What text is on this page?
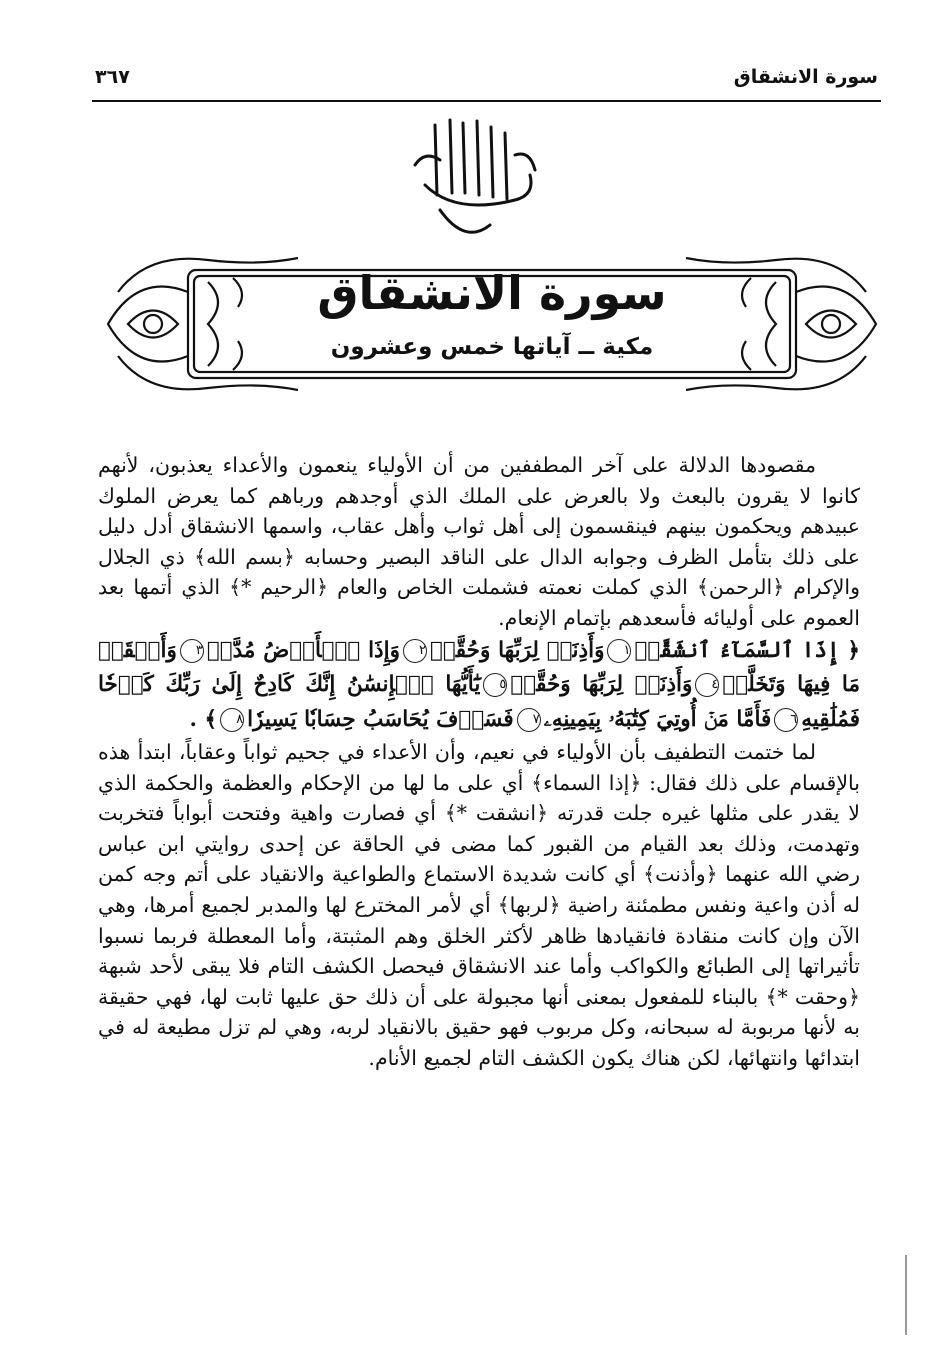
سورة الانشقاق
٣٦٧
سورة الانشقاق
مكية ــ آياتها خمس وعشرون

مقصودها الدلالة على آخر المطففين من أن الأولياء ينعمون والأعداء يعذبون، لأنهم كانوا لا يقرون بالبعث ولا بالعرض على الملك الذي أوجدهم ورباهم كما يعرض الملوك عبيدهم ويحكمون بينهم فينقسمون إلى أهل ثواب وأهل عقاب، واسمها الانشقاق أدل دليل على ذلك بتأمل الظرف وجوابه الدال على الناقد البصير وحسابه ﴿بسم الله﴾ ذي الجلال والإكرام ﴿الرحمن﴾ الذي كملت نعمته فشملت الخاص والعام ﴿الرحيم *﴾ الذي أتمها بعد العموم على أوليائه فأسعدهم بإتمام الإنعام.

﴿ إِذَا ٱلسَّمَآءُ ٱنشَقَّتۡ١وَأَذِنَتۡ لِرَبِّهَا وَحُقَّتۡ٢وَإِذَا ٱلۡأَرۡضُ مُدَّتۡ٣وَأَلۡقَتۡ مَا فِيهَا وَتَخَلَّتۡ٤وَأَذِنَتۡ لِرَبِّهَا وَحُقَّتۡ٥يَٰٓأَيُّهَا ٱلۡإِنسَٰنُ إِنَّكَ كَادِحٌ إِلَىٰ رَبِّكَ كَدۡحٗا فَمُلَٰقِيهِ٦فَأَمَّا مَنۡ أُوتِيَ كِتَٰبَهُۥ بِيَمِينِهِۦ٧فَسَوۡفَ يُحَاسَبُ حِسَابٗا يَسِيرٗا٨﴾ .

لما ختمت التطفيف بأن الأولياء في نعيم، وأن الأعداء في جحيم ثواباً وعقاباً، ابتدأ هذه بالإقسام على ذلك فقال: ﴿إذا السماء﴾ أي على ما لها من الإحكام والعظمة والحكمة الذي لا يقدر على مثلها غيره جلت قدرته ﴿انشقت *﴾ أي فصارت واهية وفتحت أبواباً فتخربت وتهدمت، وذلك بعد القيام من القبور كما مضى في الحاقة عن إحدى روايتي ابن عباس رضي الله عنهما ﴿وأذنت﴾ أي كانت شديدة الاستماع والطواعية والانقياد على أتم وجه كمن له أذن واعية ونفس مطمئنة راضية ﴿لربها﴾ أي لأمر المخترع لها والمدبر لجميع أمرها، وهي الآن وإن كانت منقادة فانقيادها ظاهر لأكثر الخلق وهم المثبتة، وأما المعطلة فربما نسبوا تأثيراتها إلى الطبائع والكواكب وأما عند الانشقاق فيحصل الكشف التام فلا يبقى لأحد شبهة ﴿وحقت *﴾ بالبناء للمفعول بمعنى أنها مجبولة على أن ذلك حق عليها ثابت لها، فهي حقيقة به لأنها مربوبة له سبحانه، وكل مربوب فهو حقيق بالانقياد لربه، وهي لم تزل مطيعة له في ابتدائها وانتهائها، لكن هناك يكون الكشف التام لجميع الأنام.
